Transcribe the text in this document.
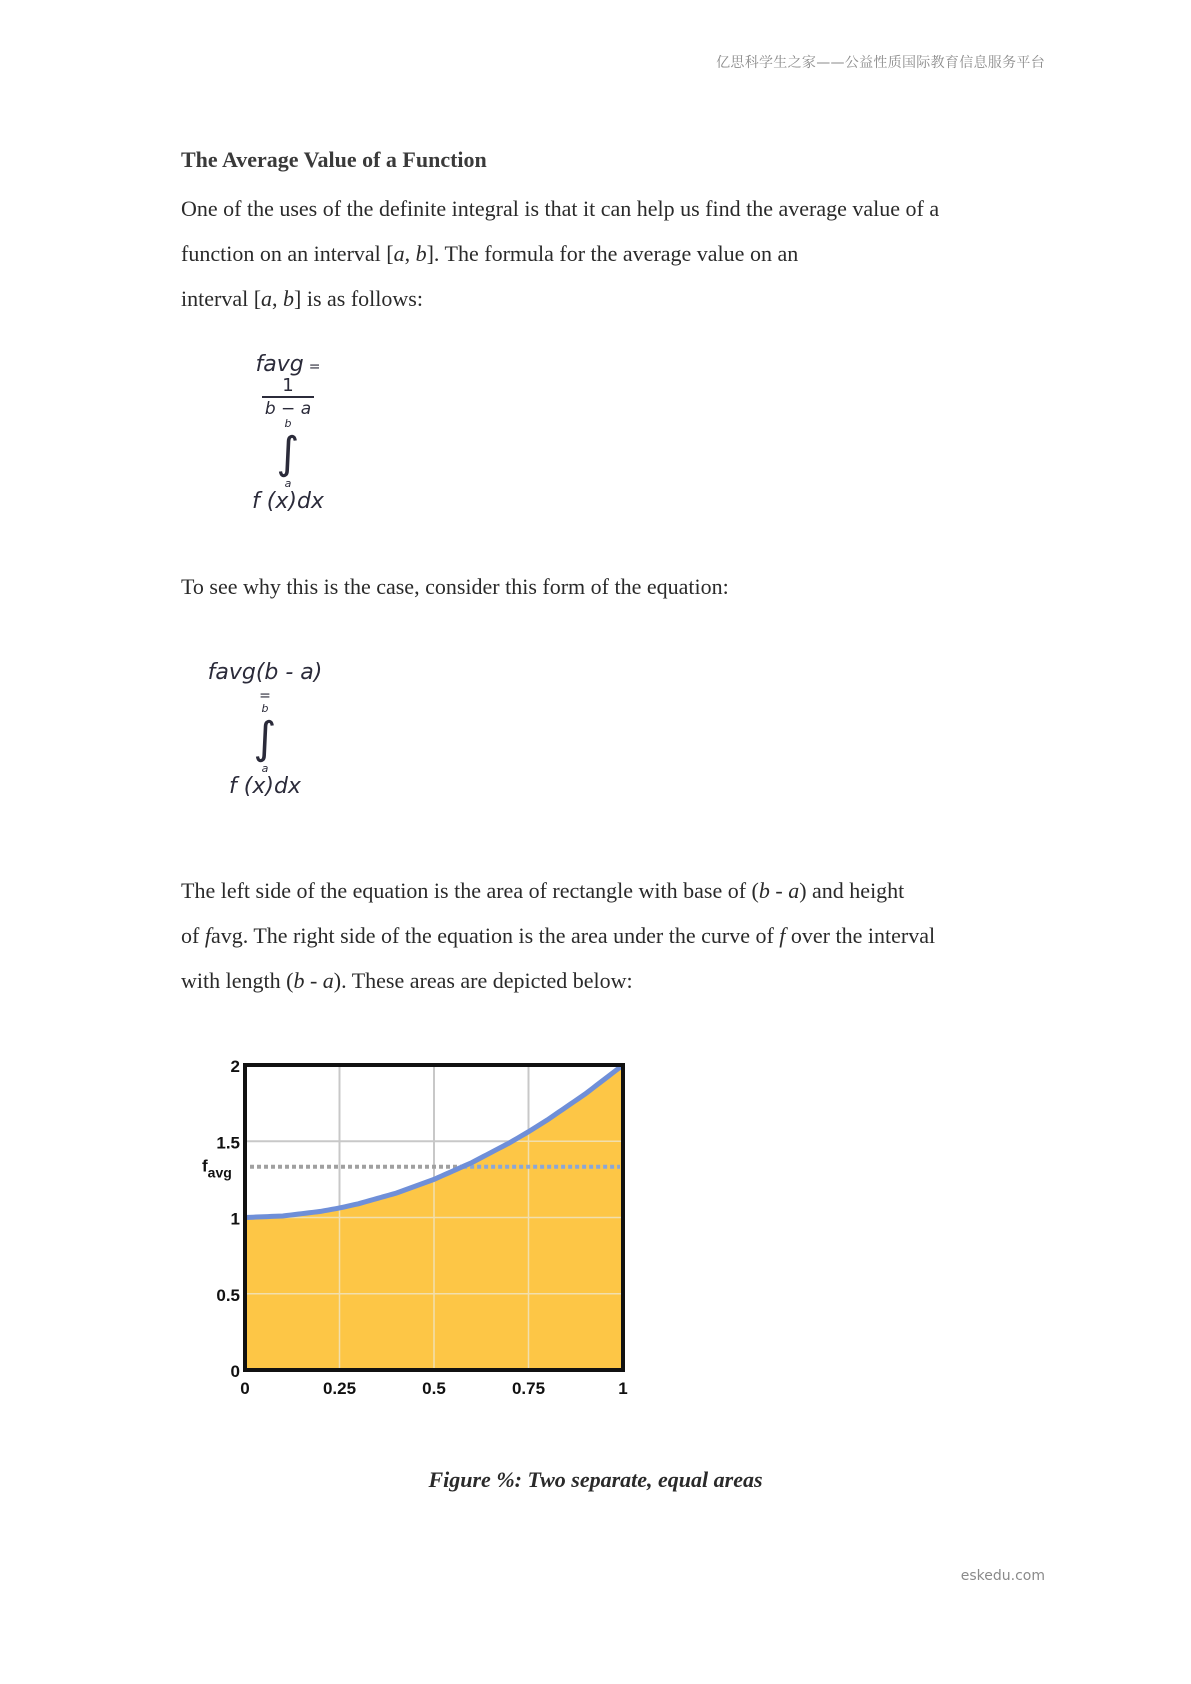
亿思科学生之家——公益性质国际教育信息服务平台
The Average Value of a Function
One of the uses of the definite integral is that it can help us find the average value of a
function on an interval [a, b]. The formula for the average value on an
interval [a, b] is as follows:
To see why this is the case, consider this form of the equation:
The left side of the equation is the area of rectangle with base of (b - a) and height
of favg. The right side of the equation is the area under the curve of f over the interval
with length (b - a). These areas are depicted below:
favg =
1
b − a
b
∫
a
f (x)dx
favg(b - a) =
b
∫
a
f (x)dx
0	0.25	0.5	0.75	1
0
0.5
1
1.5
2
$f_{avg}$
Figure %: Two separate, equal areas
eskedu.com
